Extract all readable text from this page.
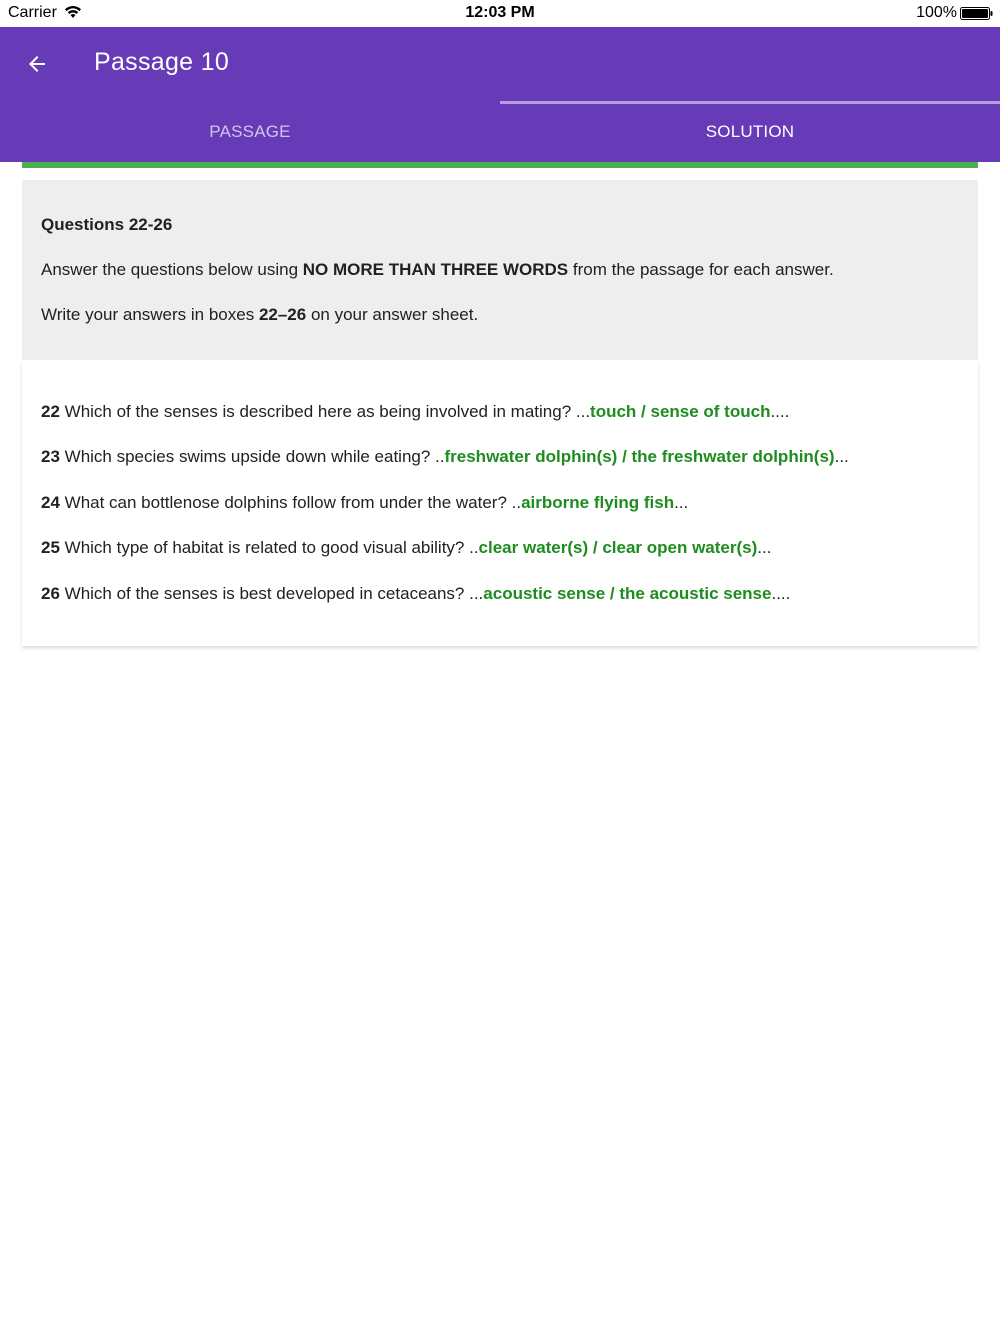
Carrier	12:03 PM	100%
Passage 10
PASSAGE	SOLUTION
Questions 22-26
Answer the questions below using NO MORE THAN THREE WORDS from the passage for each answer.
Write your answers in boxes 22–26 on your answer sheet.
22 Which of the senses is described here as being involved in mating? ...touch / sense of touch....
23 Which species swims upside down while eating? ..freshwater dolphin(s) / the freshwater dolphin(s)...
24 What can bottlenose dolphins follow from under the water? ..airborne flying fish...
25 Which type of habitat is related to good visual ability? ..clear water(s) / clear open water(s)...
26 Which of the senses is best developed in cetaceans? ...acoustic sense / the acoustic sense....
